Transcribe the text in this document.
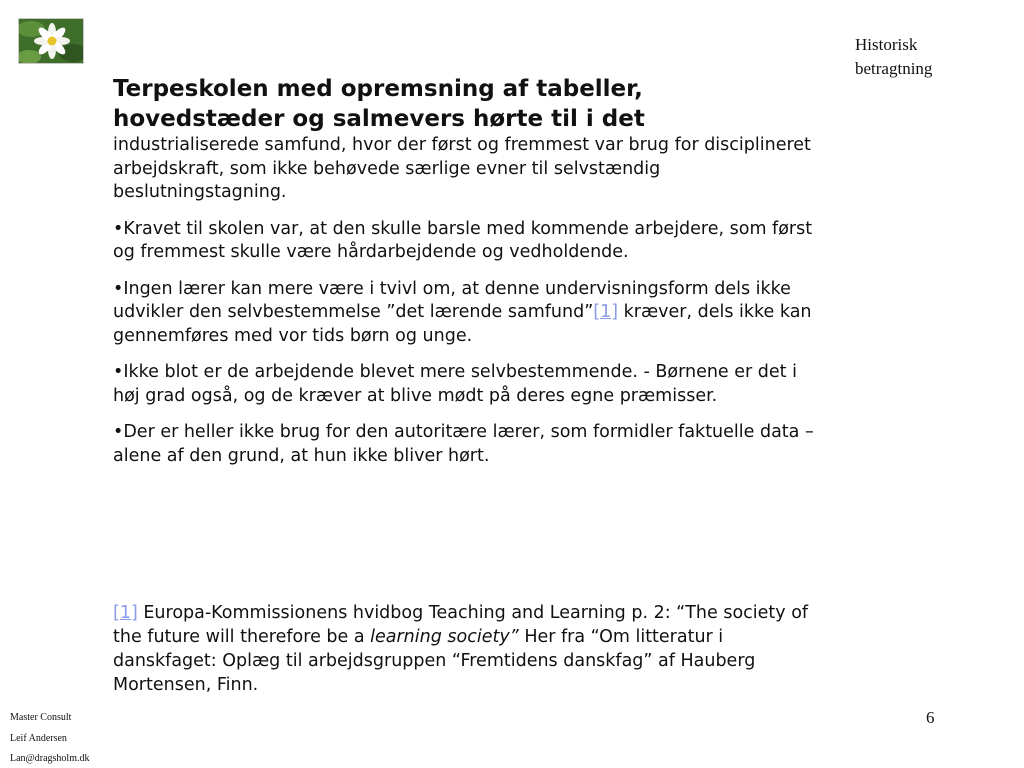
Historisk
betragtning
Terpeskolen med opremsning af tabeller,
hovedstæder og salmevers hørte til i det

industrialiserede samfund, hvor der først og fremmest var brug for disciplineret arbejdskraft, som ikke behøvede særlige evner til selvstændig beslutningstagning.

•Kravet til skolen var, at den skulle barsle med kommende arbejdere, som først og fremmest skulle være hårdarbejdende og vedholdende.

•Ingen lærer kan mere være i tvivl om, at denne undervisningsform dels ikke udvikler den selvbestemmelse ”det lærende samfund”[1] kræver, dels ikke kan gennemføres med vor tids børn og unge.

•Ikke blot er de arbejdende blevet mere selvbestemmende. - Børnene er det i høj grad også, og de kræver at blive mødt på deres egne præmisser.

•Der er heller ikke brug for den autoritære lærer, som formidler faktuelle data – alene af den grund, at hun ikke bliver hørt.

[1] Europa-Kommissionens hvidbog Teaching and Learning p. 2: “The society of the future will therefore be a learning society” Her fra “Om litteratur i danskfaget: Oplæg til arbejdsgruppen “Fremtidens danskfag” af Hauberg Mortensen, Finn.

Master Consult
Leif Andersen
Lan@dragsholm.dk
6
